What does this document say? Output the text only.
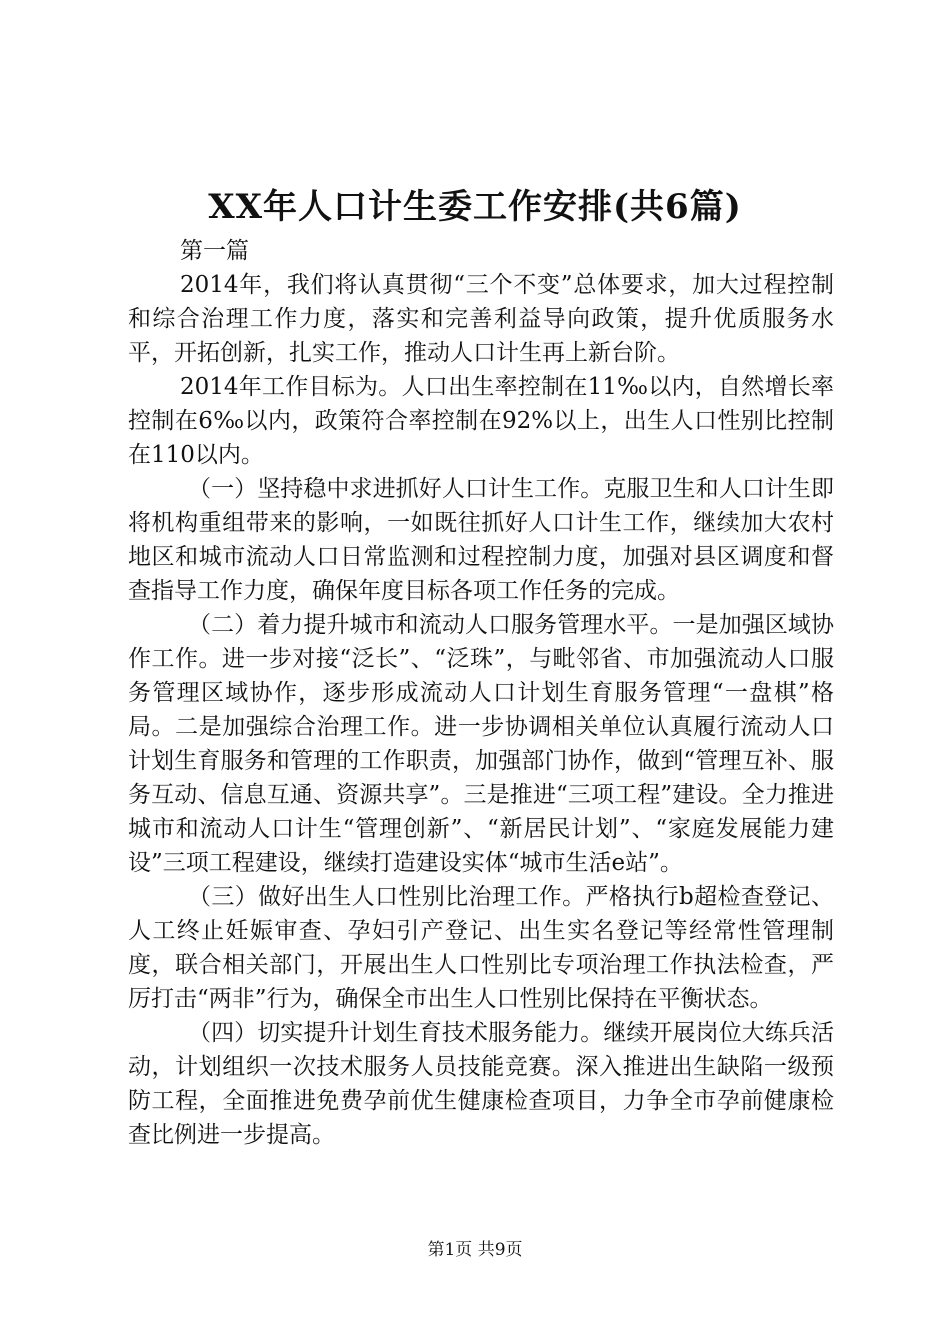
XX年人口计生委工作安排(共6篇)

第一篇

2014年，我们将认真贯彻“三个不变”总体要求，加大过程控制和综合治理工作力度，落实和完善利益导向政策，提升优质服务水平，开拓创新，扎实工作，推动人口计生再上新台阶。

2014年工作目标为。人口出生率控制在11‰以内，自然增长率控制在6‰以内，政策符合率控制在92%以上，出生人口性别比控制在110以内。

（一）坚持稳中求进抓好人口计生工作。克服卫生和人口计生即将机构重组带来的影响，一如既往抓好人口计生工作，继续加大农村地区和城市流动人口日常监测和过程控制力度，加强对县区调度和督查指导工作力度，确保年度目标各项工作任务的完成。

（二）着力提升城市和流动人口服务管理水平。一是加强区域协作工作。进一步对接“泛长”、“泛珠”，与毗邻省、市加强流动人口服务管理区域协作，逐步形成流动人口计划生育服务管理“一盘棋”格局。二是加强综合治理工作。进一步协调相关单位认真履行流动人口计划生育服务和管理的工作职责，加强部门协作，做到“管理互补、服务互动、信息互通、资源共享”。三是推进“三项工程”建设。全力推进城市和流动人口计生“管理创新”、“新居民计划”、“家庭发展能力建设”三项工程建设，继续打造建设实体“城市生活e站”。

（三）做好出生人口性别比治理工作。严格执行b超检查登记、人工终止妊娠审查、孕妇引产登记、出生实名登记等经常性管理制度，联合相关部门，开展出生人口性别比专项治理工作执法检查，严厉打击“两非”行为，确保全市出生人口性别比保持在平衡状态。

（四）切实提升计划生育技术服务能力。继续开展岗位大练兵活动，计划组织一次技术服务人员技能竞赛。深入推进出生缺陷一级预防工程，全面推进免费孕前优生健康检查项目，力争全市孕前健康检查比例进一步提高。

第1页 共9页
